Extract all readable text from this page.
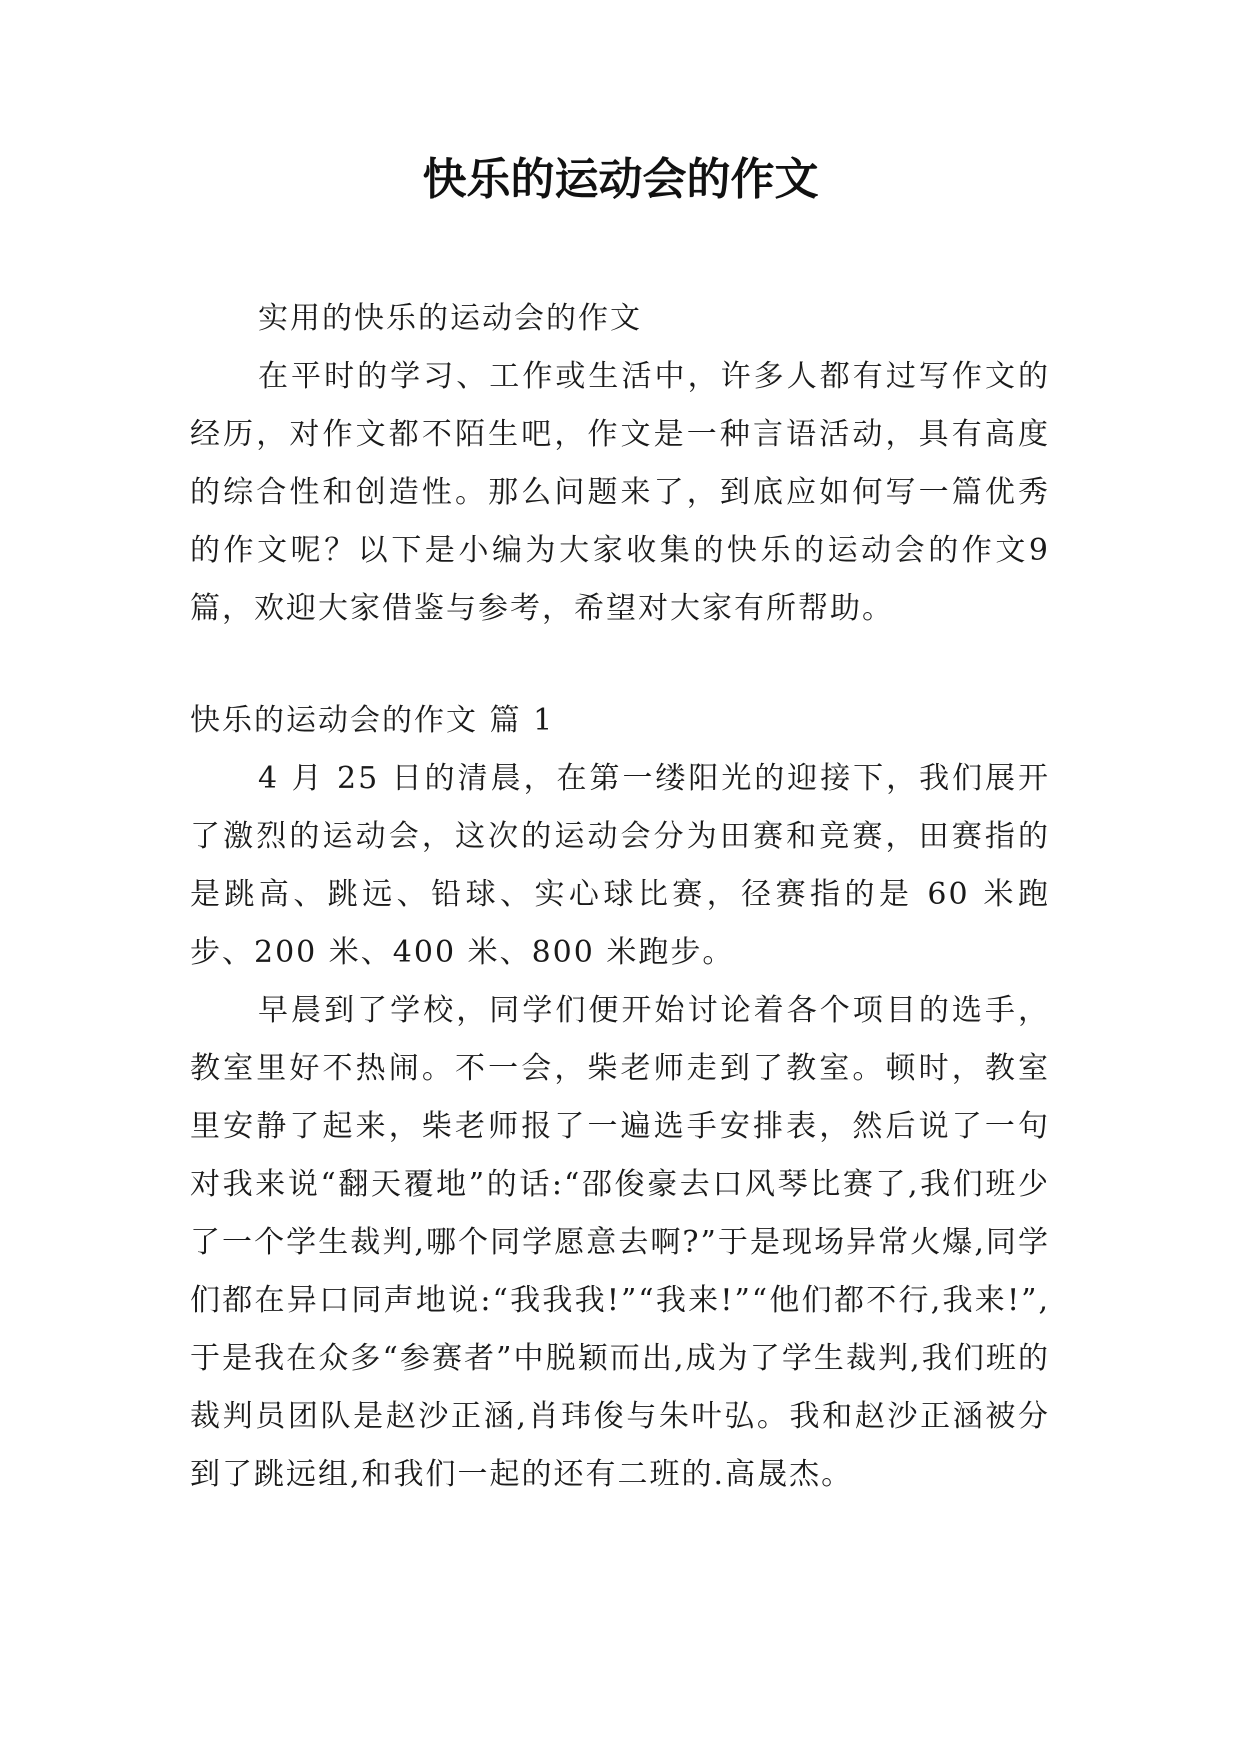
快乐的运动会的作文

实用的快乐的运动会的作文

在平时的学习、工作或生活中，许多人都有过写作文的经历，对作文都不陌生吧，作文是一种言语活动，具有高度的综合性和创造性。那么问题来了，到底应如何写一篇优秀的作文呢？以下是小编为大家收集的快乐的运动会的作文9篇，欢迎大家借鉴与参考，希望对大家有所帮助。

快乐的运动会的作文 篇 1

4 月 25 日的清晨，在第一缕阳光的迎接下，我们展开了激烈的运动会，这次的运动会分为田赛和竞赛，田赛指的是跳高、跳远、铅球、实心球比赛，径赛指的是 60 米跑步、200 米、400 米、800 米跑步。

早晨到了学校，同学们便开始讨论着各个项目的选手，教室里好不热闹。不一会，柴老师走到了教室。顿时，教室里安静了起来，柴老师报了一遍选手安排表，然后说了一句对我来说“翻天覆地”的话:“邵俊豪去口风琴比赛了,我们班少了一个学生裁判,哪个同学愿意去啊?”于是现场异常火爆,同学们都在异口同声地说:“我我我!”“我来!”“他们都不行,我来!”,于是我在众多“参赛者”中脱颖而出,成为了学生裁判,我们班的裁判员团队是赵沙正涵,肖玮俊与朱叶弘。我和赵沙正涵被分到了跳远组,和我们一起的还有二班的.高晟杰。
